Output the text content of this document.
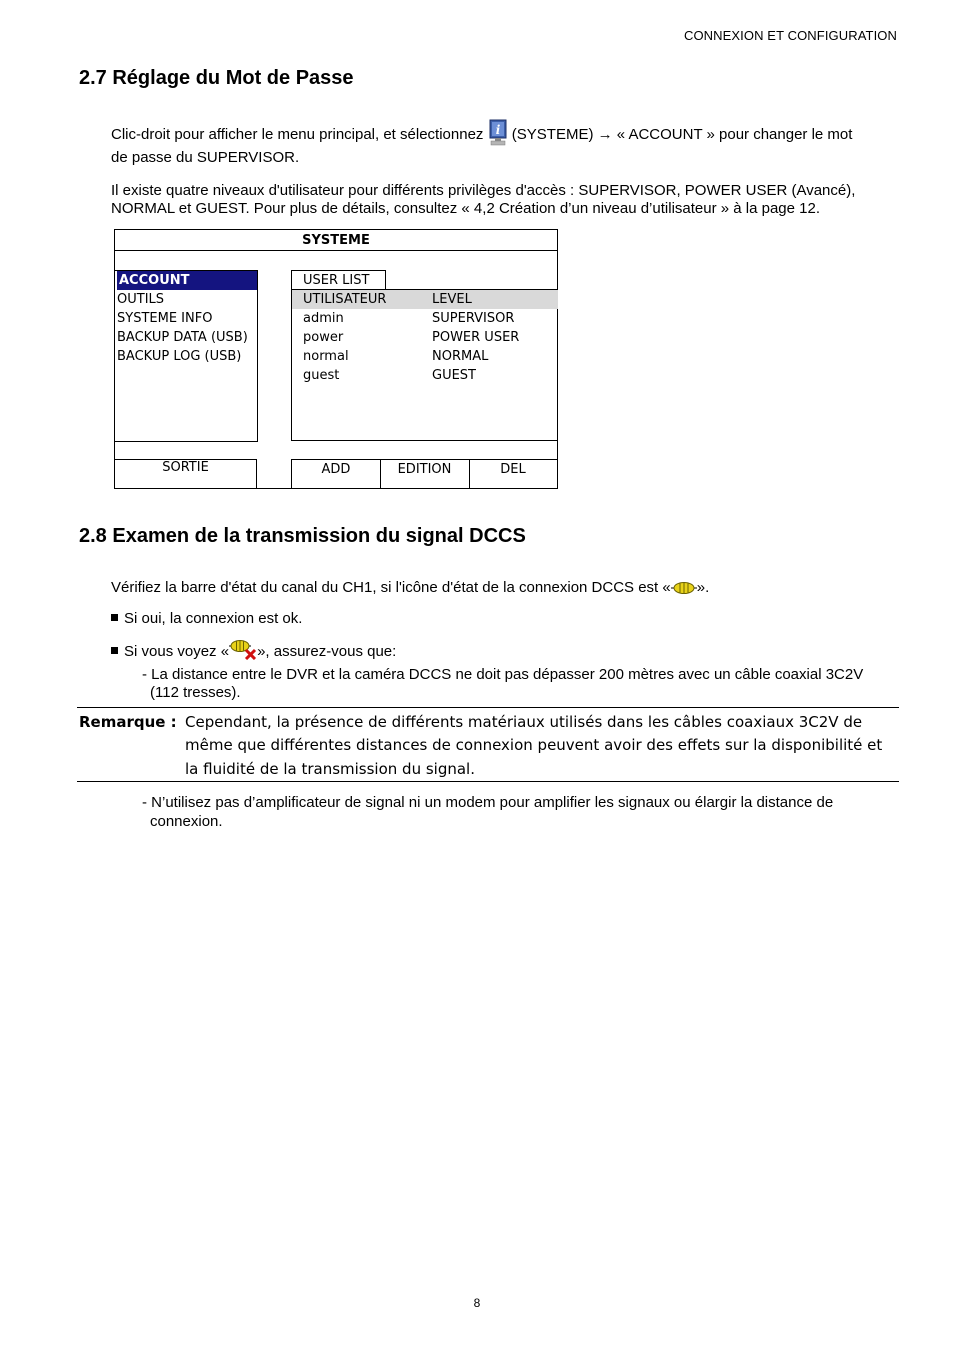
CONNEXION ET CONFIGURATION
2.7 Réglage du Mot de Passe
Clic-droit pour afficher le menu principal, et sélectionnez i (SYSTEME) → « ACCOUNT » pour changer le mot
de passe du SUPERVISOR.
Il existe quatre niveaux d'utilisateur pour différents privilèges d'accès : SUPERVISOR, POWER USER (Avancé),
NORMAL et GUEST. Pour plus de détails, consultez « 4,2 Création d’un niveau d’utilisateur » à la page 12.
SYSTEME
ACCOUNT
OUTILS
SYSTEME INFO
BACKUP DATA (USB)
BACKUP LOG (USB)
SORTIE
USER LIST
UTILISATEUR	LEVEL
admin	SUPERVISOR
power	POWER USER
normal	NORMAL
guest	GUEST
ADD	EDITION	DEL
2.8 Examen de la transmission du signal DCCS
Vérifiez la barre d'état du canal du CH1, si l'icône d'état de la connexion DCCS est « ».
Si oui, la connexion est ok.
Si vous voyez « », assurez-vous que:
- La distance entre le DVR et la caméra DCCS ne doit pas dépasser 200 mètres avec un câble coaxial 3C2V
(112 tresses).
Remarque : Cependant, la présence de différents matériaux utilisés dans les câbles coaxiaux 3C2V de
même que différentes distances de connexion peuvent avoir des effets sur la disponibilité et
la fluidité de la transmission du signal.
- N’utilisez pas d’amplificateur de signal ni un modem pour amplifier les signaux ou élargir la distance de
connexion.
8
